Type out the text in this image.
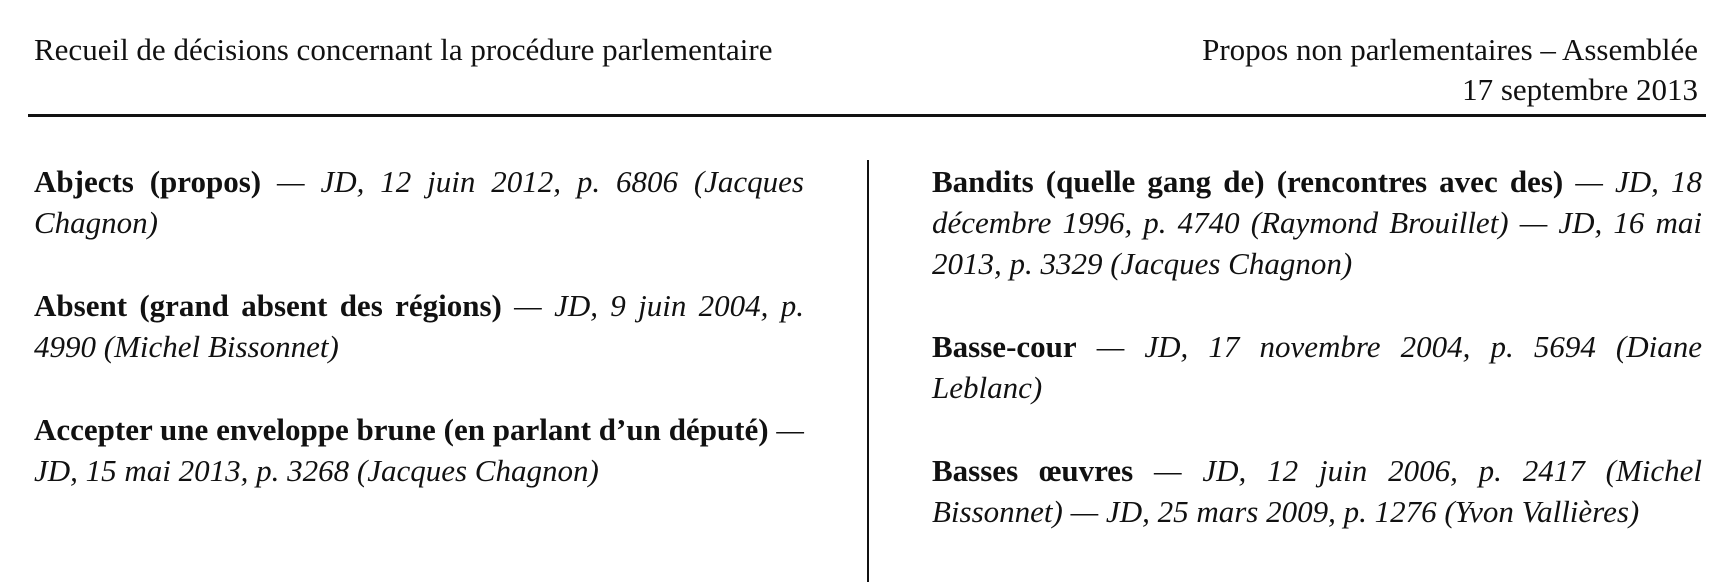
Recueil de décisions concernant la procédure parlementaire	Propos non parlementaires – Assemblée
17 septembre 2013

Abjects (propos) — JD, 12 juin 2012, p. 6806 (Jacques Chagnon)

Absent (grand absent des régions) — JD, 9 juin 2004, p. 4990 (Michel Bissonnet)

Accepter une enveloppe brune (en parlant d’un député) — JD, 15 mai 2013, p. 3268 (Jacques Chagnon)

Bandits (quelle gang de) (rencontres avec des) — JD, 18 décembre 1996, p. 4740 (Raymond Brouillet) — JD, 16 mai 2013, p. 3329 (Jacques Chagnon)

Basse-cour — JD, 17 novembre 2004, p. 5694 (Diane Leblanc)

Basses œuvres — JD, 12 juin 2006, p. 2417 (Michel Bissonnet) — JD, 25 mars 2009, p. 1276 (Yvon Vallières)
